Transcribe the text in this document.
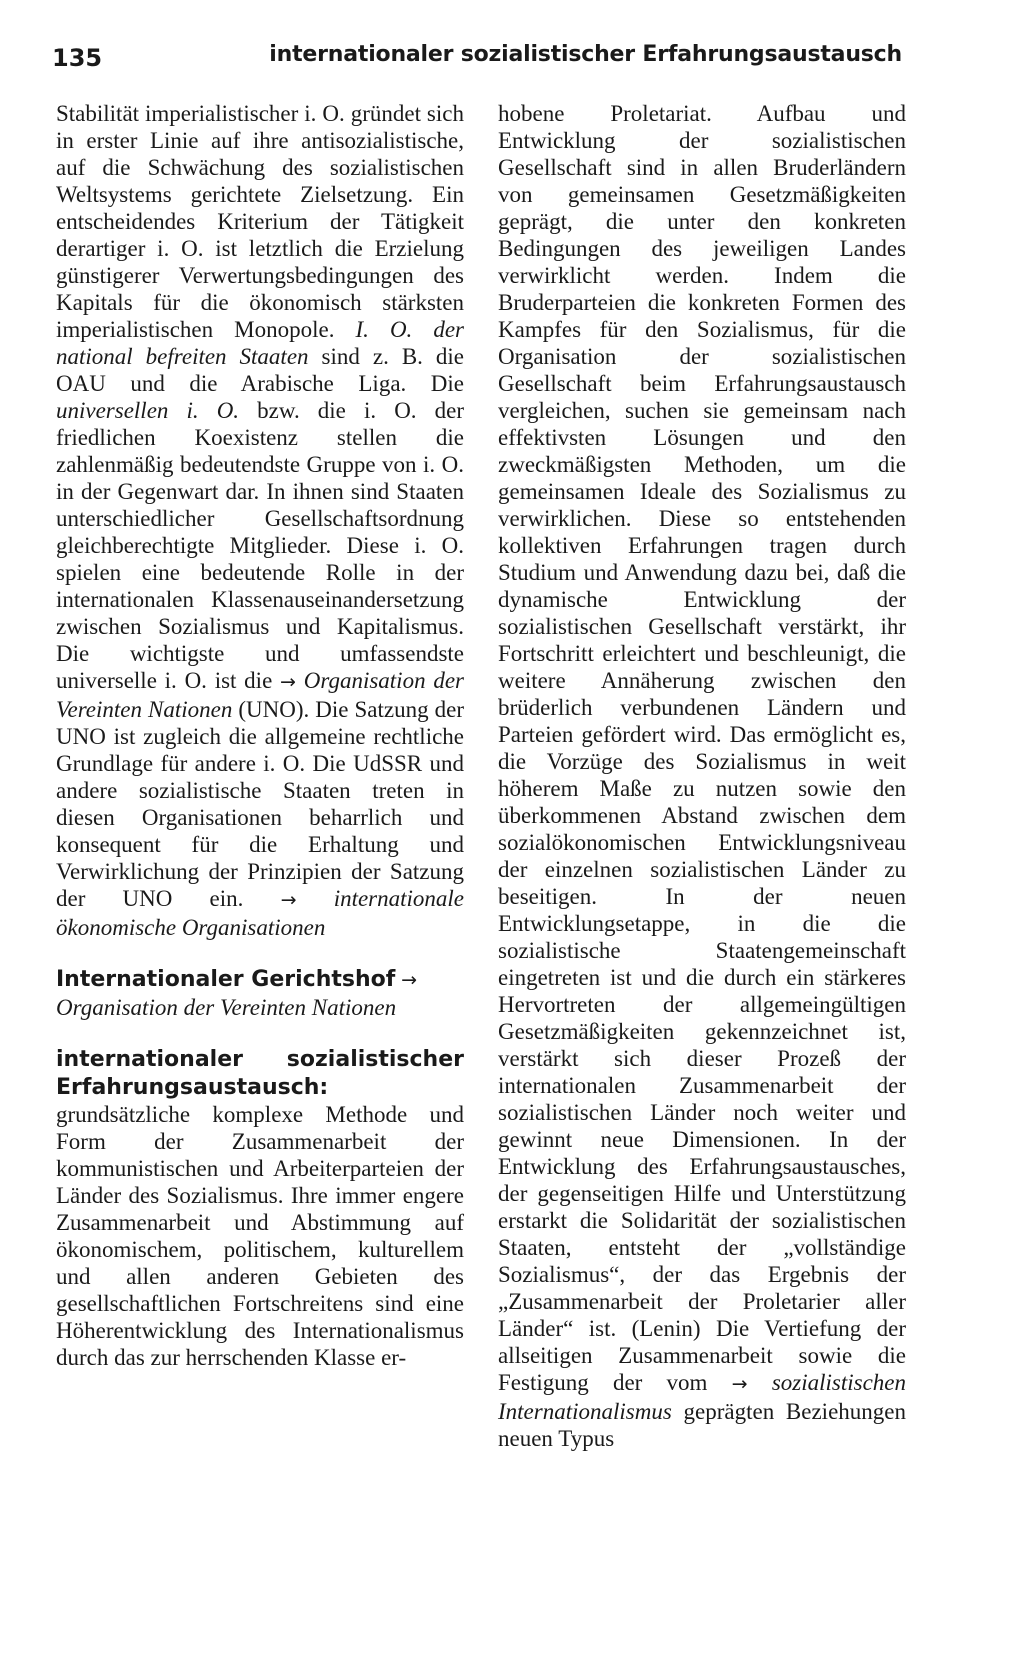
135	internationaler sozialistischer Erfahrungsaustausch

Stabilität imperialistischer i. O. gründet sich in erster Linie auf ihre antisozialistische, auf die Schwächung des sozialistischen Weltsystems gerichtete Zielsetzung. Ein entscheidendes Kriterium der Tätigkeit derartiger i. O. ist letztlich die Erzielung günstigerer Verwertungsbedingungen des Kapitals für die ökonomisch stärksten imperialistischen Monopole. I. O. der national befreiten Staaten sind z. B. die OAU und die Arabische Liga. Die universellen i. O. bzw. die i. O. der friedlichen Koexistenz stellen die zahlenmäßig bedeutendste Gruppe von i. O. in der Gegenwart dar. In ihnen sind Staaten unterschiedlicher Gesellschaftsordnung gleichberechtigte Mitglieder. Diese i. O. spielen eine bedeutende Rolle in der internationalen Klassenauseinandersetzung zwischen Sozialismus und Kapitalismus. Die wichtigste und umfassendste universelle i. O. ist die → Organisation der Vereinten Nationen (UNO). Die Satzung der UNO ist zugleich die allgemeine rechtliche Grundlage für andere i. O. Die UdSSR und andere sozialistische Staaten treten in diesen Organisationen beharrlich und konsequent für die Erhaltung und Verwirklichung der Prinzipien der Satzung der UNO ein. → internationale ökonomische Organisationen

Internationaler Gerichtshof → Organisation der Vereinten Nationen

internationaler sozialistischer Erfahrungsaustausch: grundsätzliche komplexe Methode und Form der Zusammenarbeit der kommunistischen und Arbeiterparteien der Länder des Sozialismus. Ihre immer engere Zusammenarbeit und Abstimmung auf ökonomischem, politischem, kulturellem und allen anderen Gebieten des gesellschaftlichen Fortschreitens sind eine Höherentwicklung des Internationalismus durch das zur herrschenden Klasse er-

hobene Proletariat. Aufbau und Entwicklung der sozialistischen Gesellschaft sind in allen Bruderländern von gemeinsamen Gesetzmäßigkeiten geprägt, die unter den konkreten Bedingungen des jeweiligen Landes verwirklicht werden. Indem die Bruderparteien die konkreten Formen des Kampfes für den Sozialismus, für die Organisation der sozialistischen Gesellschaft beim Erfahrungsaustausch vergleichen, suchen sie gemeinsam nach effektivsten Lösungen und den zweckmäßigsten Methoden, um die gemeinsamen Ideale des Sozialismus zu verwirklichen. Diese so entstehenden kollektiven Erfahrungen tragen durch Studium und Anwendung dazu bei, daß die dynamische Entwicklung der sozialistischen Gesellschaft verstärkt, ihr Fortschritt erleichtert und beschleunigt, die weitere Annäherung zwischen den brüderlich verbundenen Ländern und Parteien gefördert wird. Das ermöglicht es, die Vorzüge des Sozialismus in weit höherem Maße zu nutzen sowie den überkommenen Abstand zwischen dem sozialökonomischen Entwicklungsniveau der einzelnen sozialistischen Länder zu beseitigen. In der neuen Entwicklungsetappe, in die die sozialistische Staatengemeinschaft eingetreten ist und die durch ein stärkeres Hervortreten der allgemeingültigen Gesetzmäßigkeiten gekennzeichnet ist, verstärkt sich dieser Prozeß der internationalen Zusammenarbeit der sozialistischen Länder noch weiter und gewinnt neue Dimensionen. In der Entwicklung des Erfahrungsaustausches, der gegenseitigen Hilfe und Unterstützung erstarkt die Solidarität der sozialistischen Staaten, entsteht der „vollständige Sozialismus“, der das Ergebnis der „Zusammenarbeit der Proletarier aller Länder“ ist. (Lenin) Die Vertiefung der allseitigen Zusammenarbeit sowie die Festigung der vom → sozialistischen Internationalismus geprägten Beziehungen neuen Typus
